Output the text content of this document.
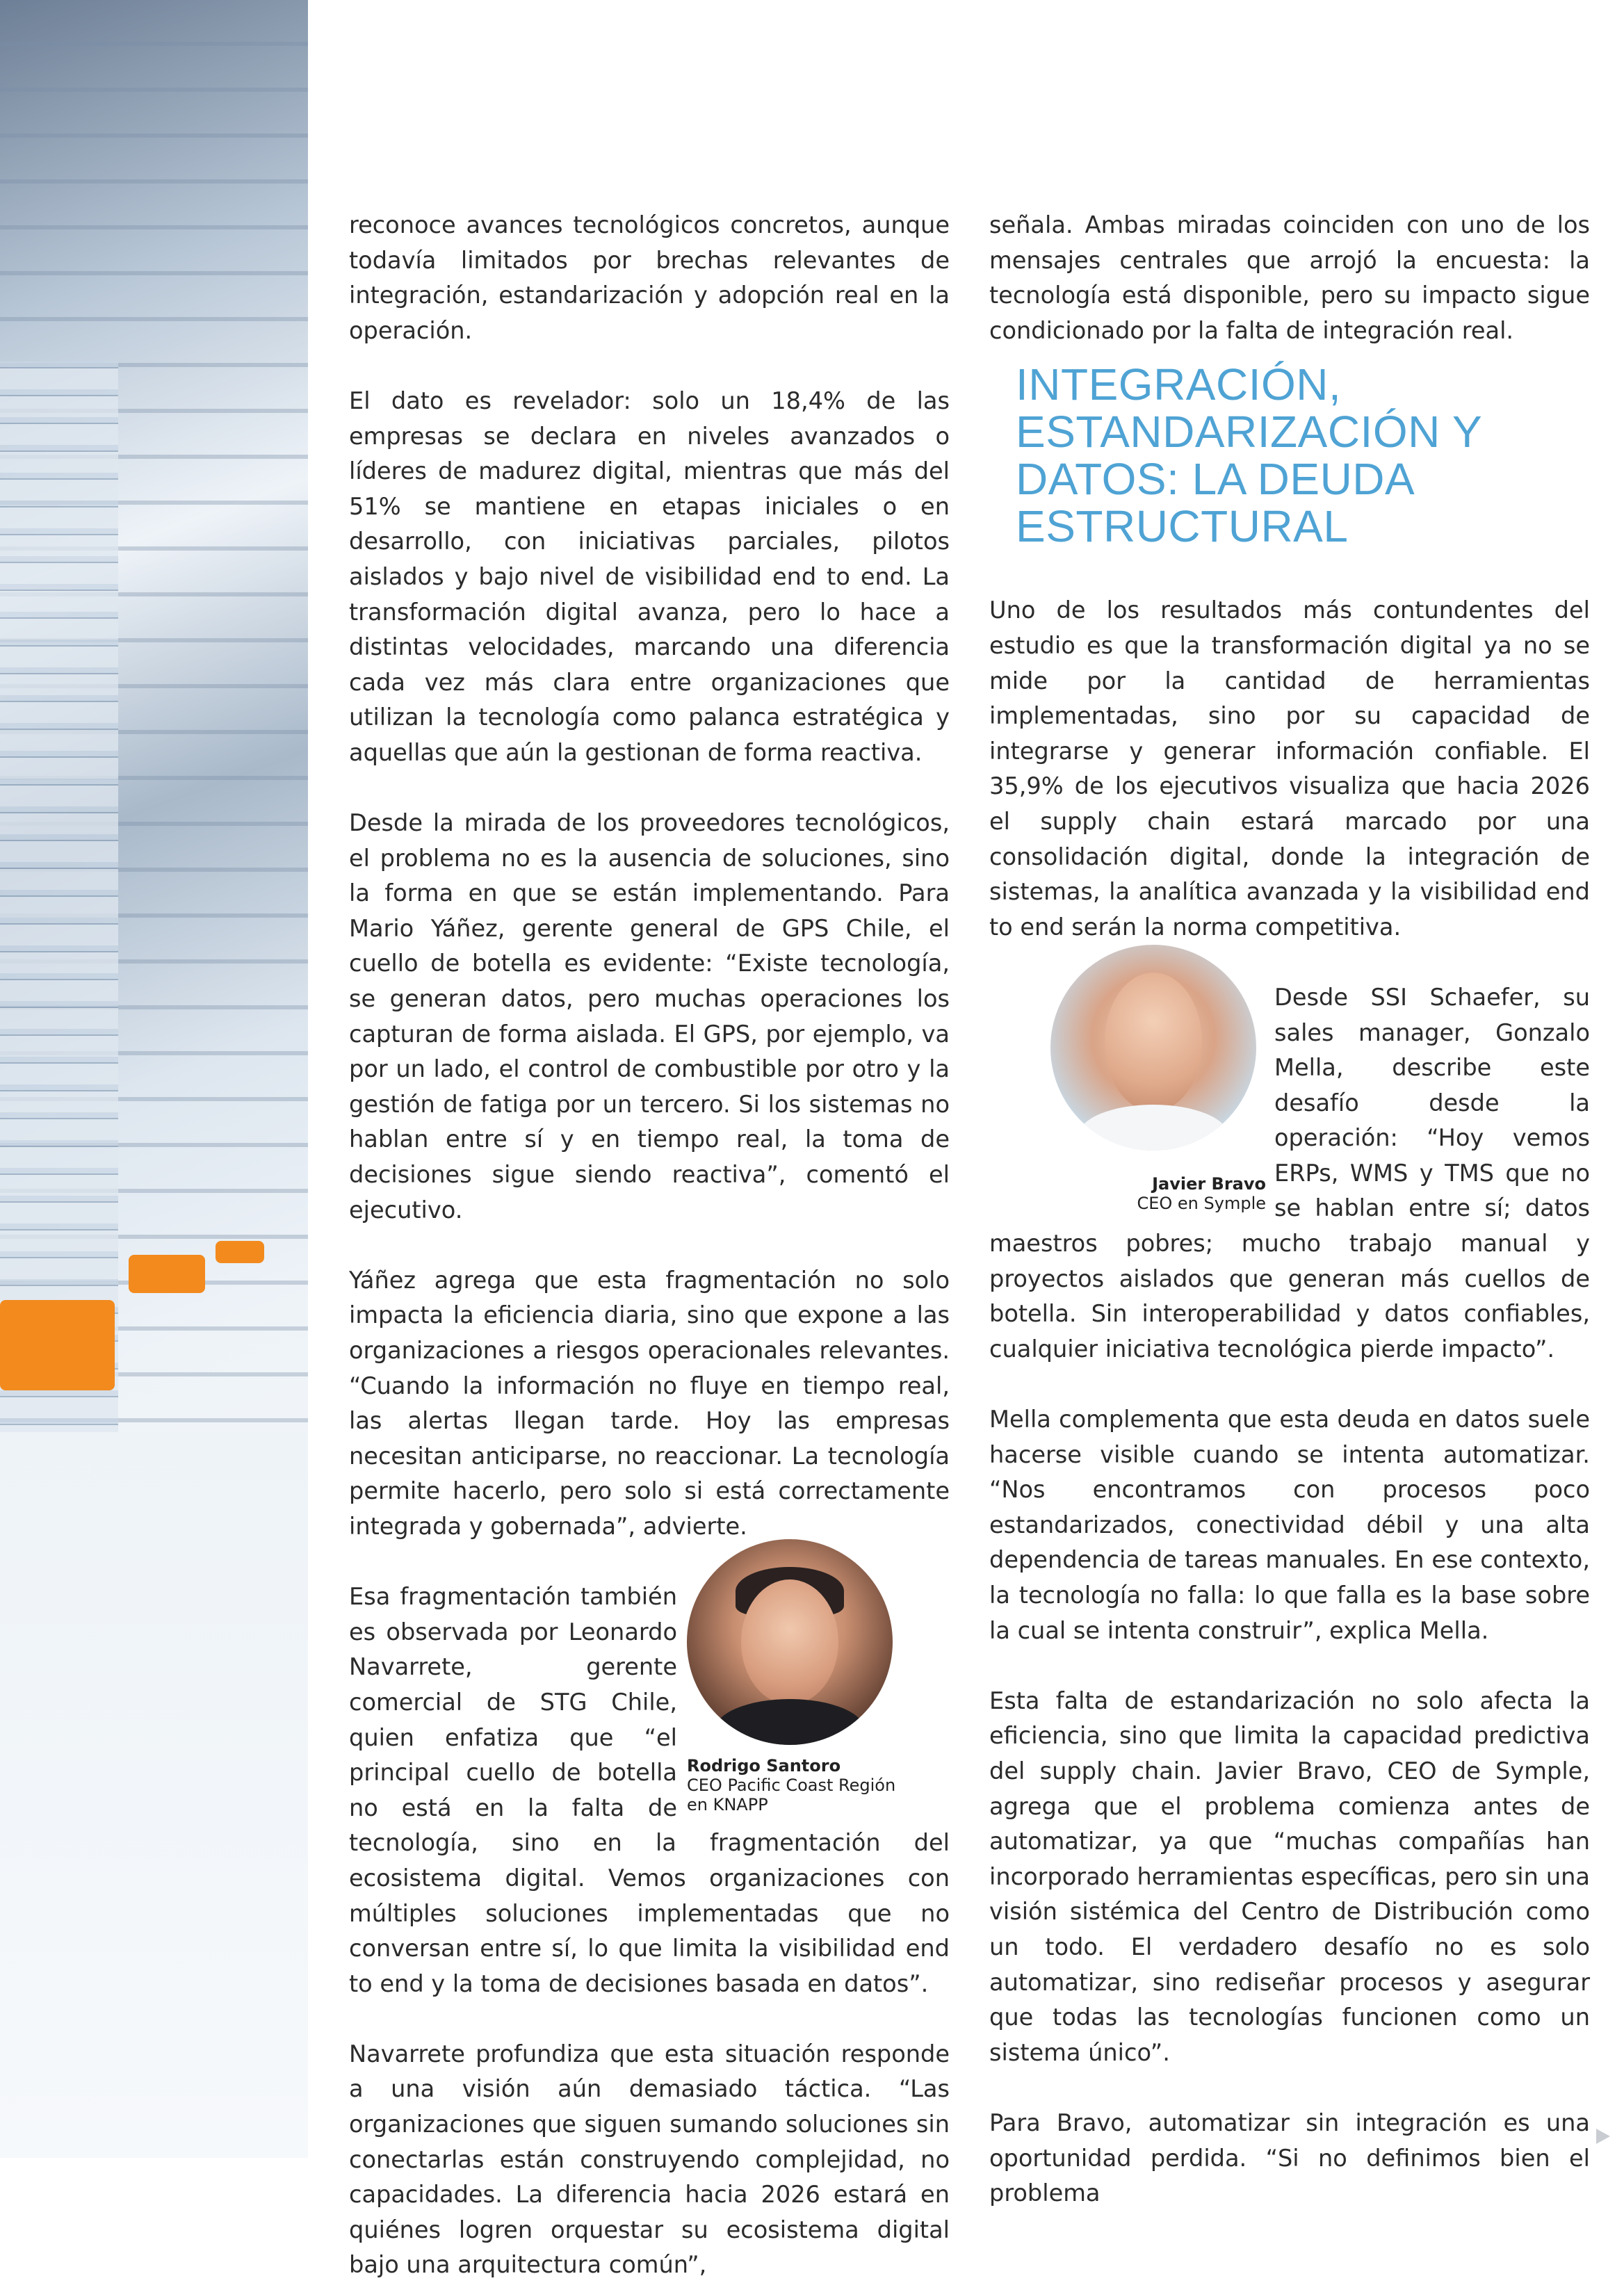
reconoce avances tecnológicos concretos, aunque todavía limitados por brechas relevantes de integración, estandarización y adopción real en la operación.

El dato es revelador: solo un 18,4% de las empresas se declara en niveles avanzados o líderes de madurez digital, mientras que más del 51% se mantiene en etapas iniciales o en desarrollo, con iniciativas parciales, pilotos aislados y bajo nivel de visibilidad end to end. La transformación digital avanza, pero lo hace a distintas velocidades, marcando una diferencia cada vez más clara entre organizaciones que utilizan la tecnología como palanca estratégica y aquellas que aún la gestionan de forma reactiva.

Desde la mirada de los proveedores tecnológicos, el problema no es la ausencia de soluciones, sino la forma en que se están implementando. Para Mario Yáñez, gerente general de GPS Chile, el cuello de botella es evidente: “Existe tecnología, se generan datos, pero muchas operaciones los capturan de forma aislada. El GPS, por ejemplo, va por un lado, el control de combustible por otro y la gestión de fatiga por un tercero. Si los sistemas no hablan entre sí y en tiempo real, la toma de decisiones sigue siendo reactiva”, comentó el ejecutivo.

Yáñez agrega que esta fragmentación no solo impacta la eficiencia diaria, sino que expone a las organizaciones a riesgos operacionales relevantes. “Cuando la información no fluye en tiempo real, las alertas llegan tarde. Hoy las empresas necesitan anticiparse, no reaccionar. La tecnología permite hacerlo, pero solo si está correctamente integrada y gobernada”, advierte.

Rodrigo Santoro
CEO Pacific Coast Región
en KNAPP

Esa fragmentación también es observada por Leonardo Navarrete, gerente comercial de STG Chile, quien enfatiza que “el principal cuello de botella no está en la falta de tecnología, sino en la fragmentación del ecosistema digital. Vemos organizaciones con múltiples soluciones implementadas que no conversan entre sí, lo que limita la visibilidad end to end y la toma de decisiones basada en datos”.

Navarrete profundiza que esta situación responde a una visión aún demasiado táctica. “Las organizaciones que siguen sumando soluciones sin conectarlas están construyendo complejidad, no capacidades. La diferencia hacia 2026 estará en quiénes logren orquestar su ecosistema digital bajo una arquitectura común”,

señala. Ambas miradas coinciden con uno de los mensajes centrales que arrojó la encuesta: la tecnología está disponible, pero su impacto sigue condicionado por la falta de integración real.

INTEGRACIÓN, ESTANDARIZACIÓN Y DATOS: LA DEUDA ESTRUCTURAL

Uno de los resultados más contundentes del estudio es que la transformación digital ya no se mide por la cantidad de herramientas implementadas, sino por su capacidad de integrarse y generar información confiable. El 35,9% de los ejecutivos visualiza que hacia 2026 el supply chain estará marcado por una consolidación digital, donde la integración de sistemas, la analítica avanzada y la visibilidad end to end serán la norma competitiva.

Javier Bravo
CEO en Symple

Desde SSI Schaefer, su sales manager, Gonzalo Mella, describe este desafío desde la operación: “Hoy vemos ERPs, WMS y TMS que no se hablan entre sí; datos maestros pobres; mucho trabajo manual y proyectos aislados que generan más cuellos de botella. Sin interoperabilidad y datos confiables, cualquier iniciativa tecnológica pierde impacto”.

Mella complementa que esta deuda en datos suele hacerse visible cuando se intenta automatizar. “Nos encontramos con procesos poco estandarizados, conectividad débil y una alta dependencia de tareas manuales. En ese contexto, la tecnología no falla: lo que falla es la base sobre la cual se intenta construir”, explica Mella.

Esta falta de estandarización no solo afecta la eficiencia, sino que limita la capacidad predictiva del supply chain. Javier Bravo, CEO de Symple, agrega que el problema comienza antes de automatizar, ya que “muchas compañías han incorporado herramientas específicas, pero sin una visión sistémica del Centro de Distribución como un todo. El verdadero desafío no es solo automatizar, sino rediseñar procesos y asegurar que todas las tecnologías funcionen como un sistema único”.

Para Bravo, automatizar sin integración es una oportunidad perdida. “Si no definimos bien el problema
